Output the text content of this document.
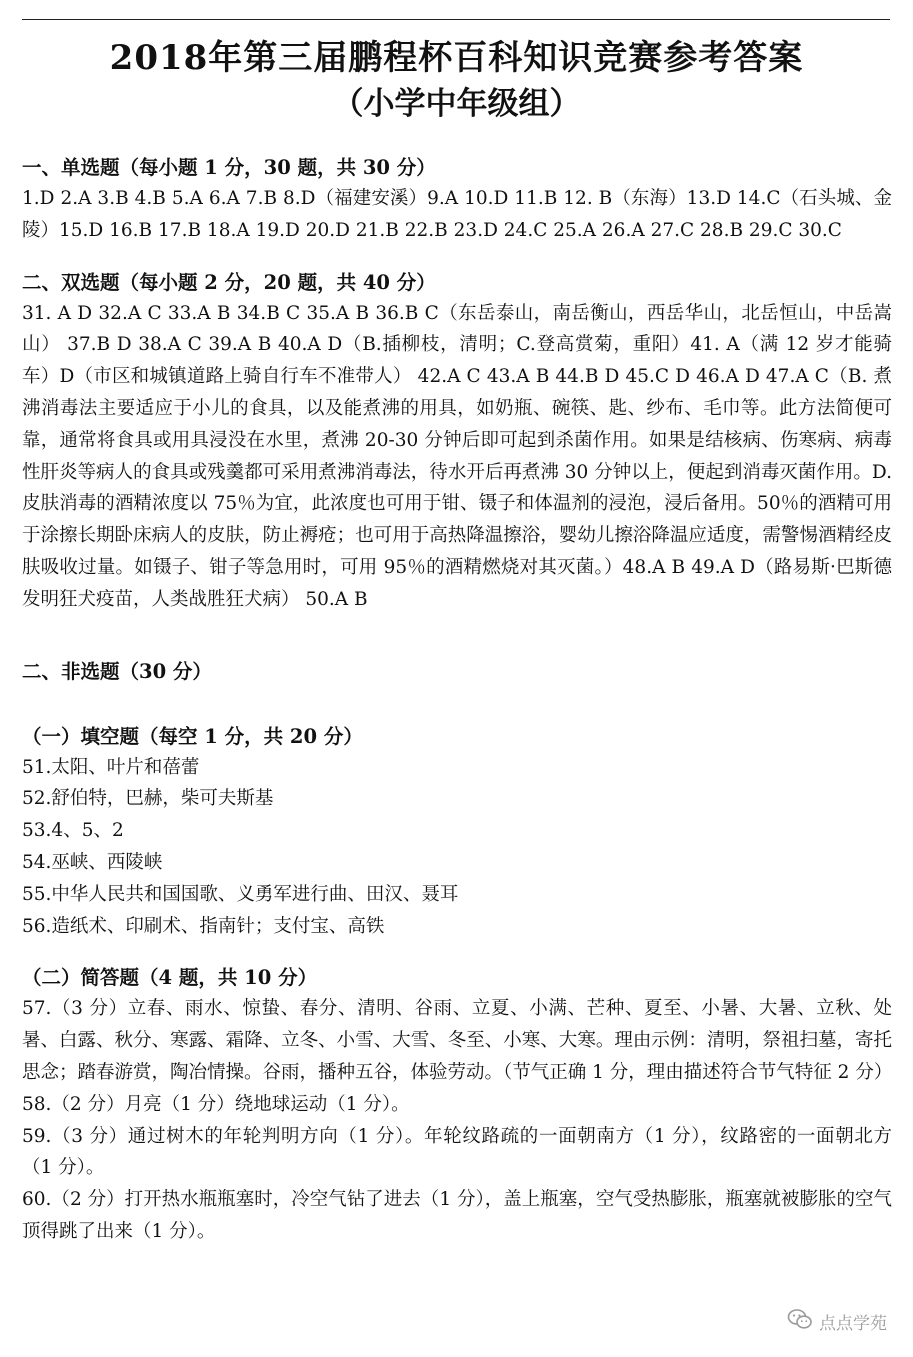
2018年第三届鹏程杯百科知识竞赛参考答案
（小学中年级组）
一、单选题（每小题 1 分，30 题，共 30 分）

1.D 2.A 3.B 4.B 5.A 6.A 7.B 8.D（福建安溪）9.A 10.D 11.B 12. B（东海）13.D 14.C（石头城、金陵）15.D 16.B 17.B 18.A 19.D 20.D 21.B 22.B 23.D 24.C 25.A 26.A 27.C 28.B 29.C 30.C

二、双选题（每小题 2 分，20 题，共 40 分）

31. A D 32.A C 33.A B 34.B C 35.A B 36.B C（东岳泰山，南岳衡山，西岳华山，北岳恒山，中岳嵩山） 37.B D 38.A C 39.A B 40.A D（B.插柳枝，清明；C.登高赏菊，重阳）41. A（满 12 岁才能骑车）D（市区和城镇道路上骑自行车不准带人） 42.A C 43.A B 44.B D 45.C D 46.A D 47.A C（B. 煮沸消毒法主要适应于小儿的食具，以及能煮沸的用具，如奶瓶、碗筷、匙、纱布、毛巾等。此方法简便可靠，通常将食具或用具浸没在水里，煮沸 20-30 分钟后即可起到杀菌作用。如果是结核病、伤寒病、病毒性肝炎等病人的食具或残羹都可采用煮沸消毒法，待水开后再煮沸 30 分钟以上，便起到消毒灭菌作用。D. 皮肤消毒的酒精浓度以 75％为宜，此浓度也可用于钳、镊子和体温剂的浸泡，浸后备用。50％的酒精可用于涂擦长期卧床病人的皮肤，防止褥疮；也可用于高热降温擦浴，婴幼儿擦浴降温应适度，需警惕酒精经皮肤吸收过量。如镊子、钳子等急用时，可用 95％的酒精燃烧对其灭菌。）48.A B 49.A D（路易斯·巴斯德发明狂犬疫苗，人类战胜狂犬病） 50.A B

二、非选题（30 分）
（一）填空题（每空 1 分，共 20 分）
51.太阳、叶片和蓓蕾
52.舒伯特，巴赫，柴可夫斯基
53.4、5、2
54.巫峡、西陵峡
55.中华人民共和国国歌、义勇军进行曲、田汉、聂耳
56.造纸术、印刷术、指南针；支付宝、高铁
（二）简答题（4 题，共 10 分）

57.（3 分）立春、雨水、惊蛰、春分、清明、谷雨、立夏、小满、芒种、夏至、小暑、大暑、立秋、处暑、白露、秋分、寒露、霜降、立冬、小雪、大雪、冬至、小寒、大寒。理由示例：清明，祭祖扫墓，寄托思念；踏春游赏，陶冶情操。谷雨，播种五谷，体验劳动。（节气正确 1 分，理由描述符合节气特征 2 分）

58.（2 分）月亮（1 分）绕地球运动（1 分）。

59.（3 分）通过树木的年轮判明方向（1 分）。年轮纹路疏的一面朝南方（1 分），纹路密的一面朝北方（1 分）。

60.（2 分）打开热水瓶瓶塞时，冷空气钻了进去（1 分），盖上瓶塞，空气受热膨胀，瓶塞就被膨胀的空气顶得跳了出来（1 分）。

点点学苑
